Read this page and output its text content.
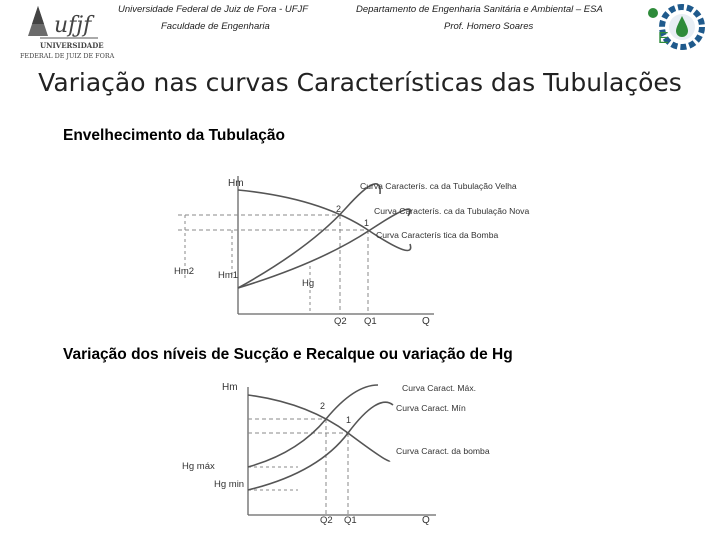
ufjf
UNIVERSIDADE
FEDERAL DE JUIZ DE FORA
Universidade Federal de Juiz de Fora - UFJF
Faculdade de Engenharia
Departamento de Engenharia Sanitária e Ambiental – ESA
Prof. Homero Soares
E
Variação nas curvas Características das Tubulações
Envelhecimento da Tubulação
Hm
Q
Curva Caracterís. ca da Tubulação Velha
Curva Caracterís. ca da Tubulação Nova
Curva Caracterís tica da Bomba
2
1
Hm2	Hm1
Hg
Q2 Q1
Variação dos níveis de Sucção e Recalque ou variação de Hg
Hm
Q
Curva Caract. Máx.
Curva Caract. Mín
Curva Caract. da bomba
2
1
Hg máx
Hg min
Q2 Q1
